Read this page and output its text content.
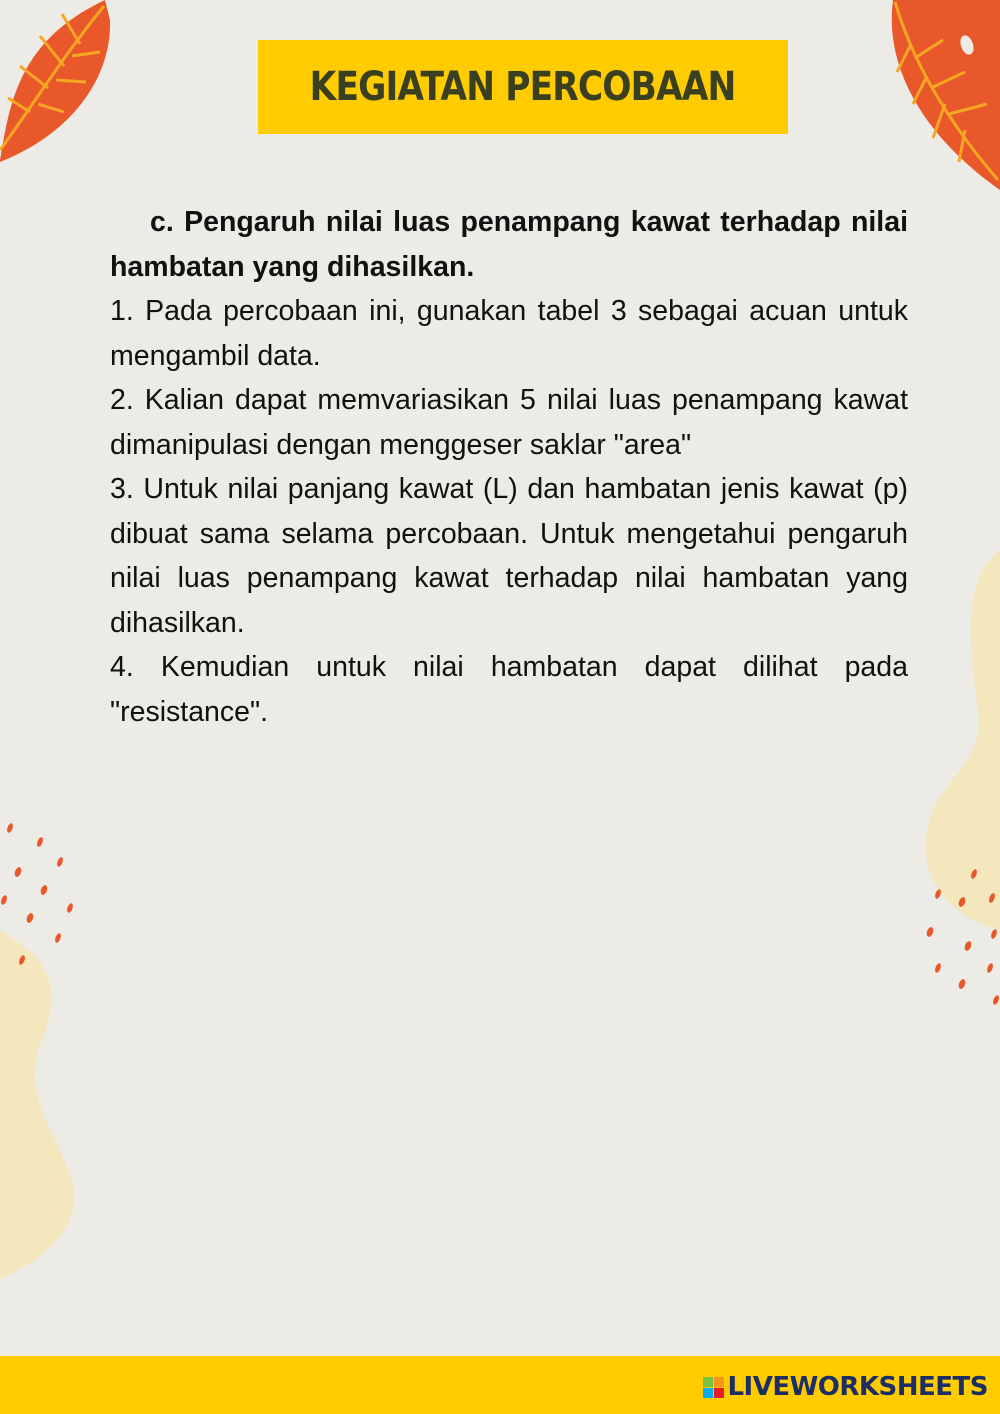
KEGIATAN PERCOBAAN

c. Pengaruh nilai luas penampang kawat terhadap nilai hambatan yang dihasilkan.

1. Pada percobaan ini, gunakan tabel 3 sebagai acuan untuk mengambil data.

2. Kalian dapat memvariasikan 5 nilai luas penampang kawat dimanipulasi dengan menggeser saklar "area"

3. Untuk nilai panjang kawat (L) dan hambatan jenis kawat (p) dibuat sama selama percobaan. Untuk mengetahui pengaruh nilai luas penampang kawat terhadap nilai hambatan yang dihasilkan.

4. Kemudian untuk nilai hambatan dapat dilihat pada "resistance".

LIVEWORKSHEETS
